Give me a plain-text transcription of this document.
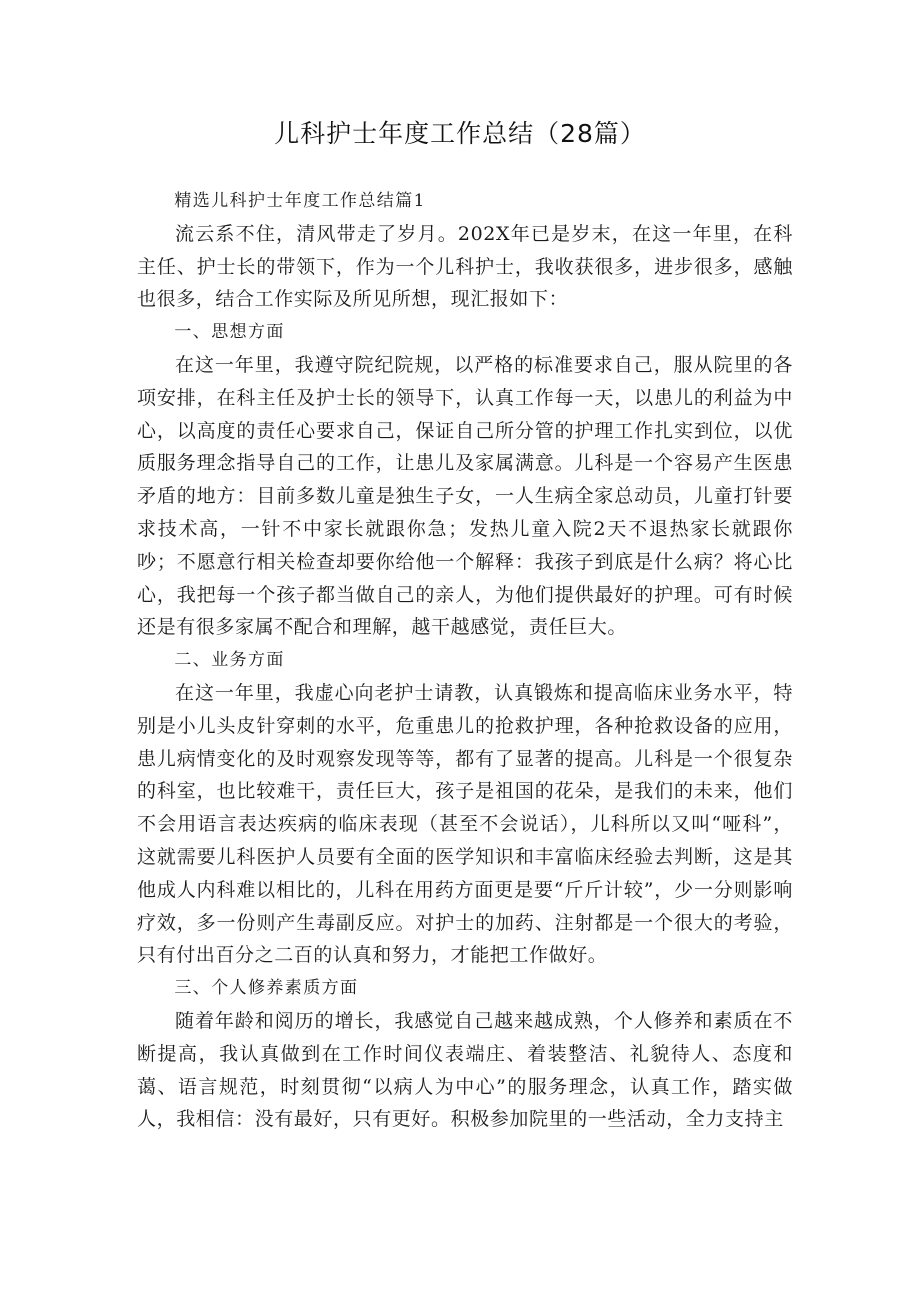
儿科护士年度工作总结（28篇）

精选儿科护士年度工作总结篇1

流云系不住，清风带走了岁月。202X年已是岁末，在这一年里，在科主任、护士长的带领下，作为一个儿科护士，我收获很多，进步很多，感触也很多，结合工作实际及所见所想，现汇报如下：

一、思想方面

在这一年里，我遵守院纪院规，以严格的标准要求自己，服从院里的各项安排，在科主任及护士长的领导下，认真工作每一天，以患儿的利益为中心，以高度的责任心要求自己，保证自己所分管的护理工作扎实到位，以优质服务理念指导自己的工作，让患儿及家属满意。儿科是一个容易产生医患矛盾的地方：目前多数儿童是独生子女，一人生病全家总动员，儿童打针要求技术高，一针不中家长就跟你急；发热儿童入院2天不退热家长就跟你吵；不愿意行相关检查却要你给他一个解释：我孩子到底是什么病？将心比心，我把每一个孩子都当做自己的亲人，为他们提供最好的护理。可有时候还是有很多家属不配合和理解，越干越感觉，责任巨大。

二、业务方面

在这一年里，我虚心向老护士请教，认真锻炼和提高临床业务水平，特别是小儿头皮针穿刺的水平，危重患儿的抢救护理，各种抢救设备的应用，患儿病情变化的及时观察发现等等，都有了显著的提高。儿科是一个很复杂的科室，也比较难干，责任巨大，孩子是祖国的花朵，是我们的未来，他们不会用语言表达疾病的临床表现（甚至不会说话），儿科所以又叫“哑科”，这就需要儿科医护人员要有全面的医学知识和丰富临床经验去判断，这是其他成人内科难以相比的，儿科在用药方面更是要“斤斤计较”，少一分则影响疗效，多一份则产生毒副反应。对护士的加药、注射都是一个很大的考验，只有付出百分之二百的认真和努力，才能把工作做好。

三、个人修养素质方面

随着年龄和阅历的增长，我感觉自己越来越成熟，个人修养和素质在不断提高，我认真做到在工作时间仪表端庄、着装整洁、礼貌待人、态度和蔼、语言规范，时刻贯彻“以病人为中心”的服务理念，认真工作，踏实做人，我相信：没有最好，只有更好。积极参加院里的一些活动，全力支持主
